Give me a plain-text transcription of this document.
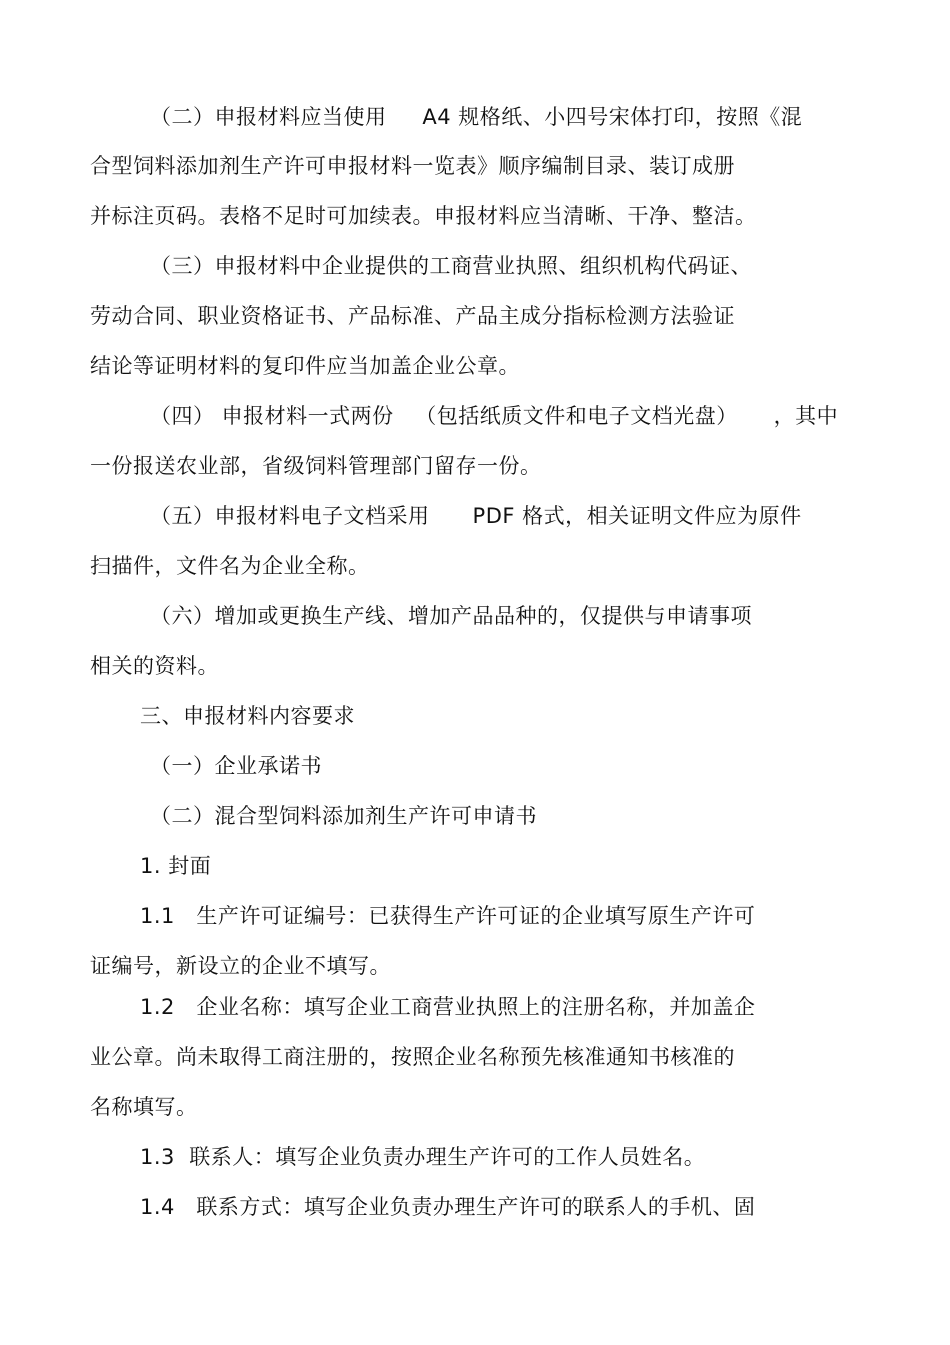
（二）申报材料应当使用     A4 规格纸、小四号宋体打印，按照《混
合型饲料添加剂生产许可申报材料一览表》顺序编制目录、装订成册
并标注页码。表格不足时可加续表。申报材料应当清晰、干净、整洁。
（三）申报材料中企业提供的工商营业执照、组织机构代码证、
劳动合同、职业资格证书、产品标准、产品主成分指标检测方法验证
结论等证明材料的复印件应当加盖企业公章。
（四） 申报材料一式两份   （包括纸质文件和电子文档光盘）     ，其中
一份报送农业部，省级饲料管理部门留存一份。
（五）申报材料电子文档采用      PDF 格式，相关证明文件应为原件
扫描件，文件名为企业全称。
（六）增加或更换生产线、增加产品品种的，仅提供与申请事项
相关的资料。
三、申报材料内容要求
（一）企业承诺书
（二）混合型饲料添加剂生产许可申请书
1. 封面
1.1   生产许可证编号：已获得生产许可证的企业填写原生产许可
证编号，新设立的企业不填写。
1.2   企业名称：填写企业工商营业执照上的注册名称，并加盖企
业公章。尚未取得工商注册的，按照企业名称预先核准通知书核准的
名称填写。
1.3  联系人：填写企业负责办理生产许可的工作人员姓名。
1.4   联系方式：填写企业负责办理生产许可的联系人的手机、固
